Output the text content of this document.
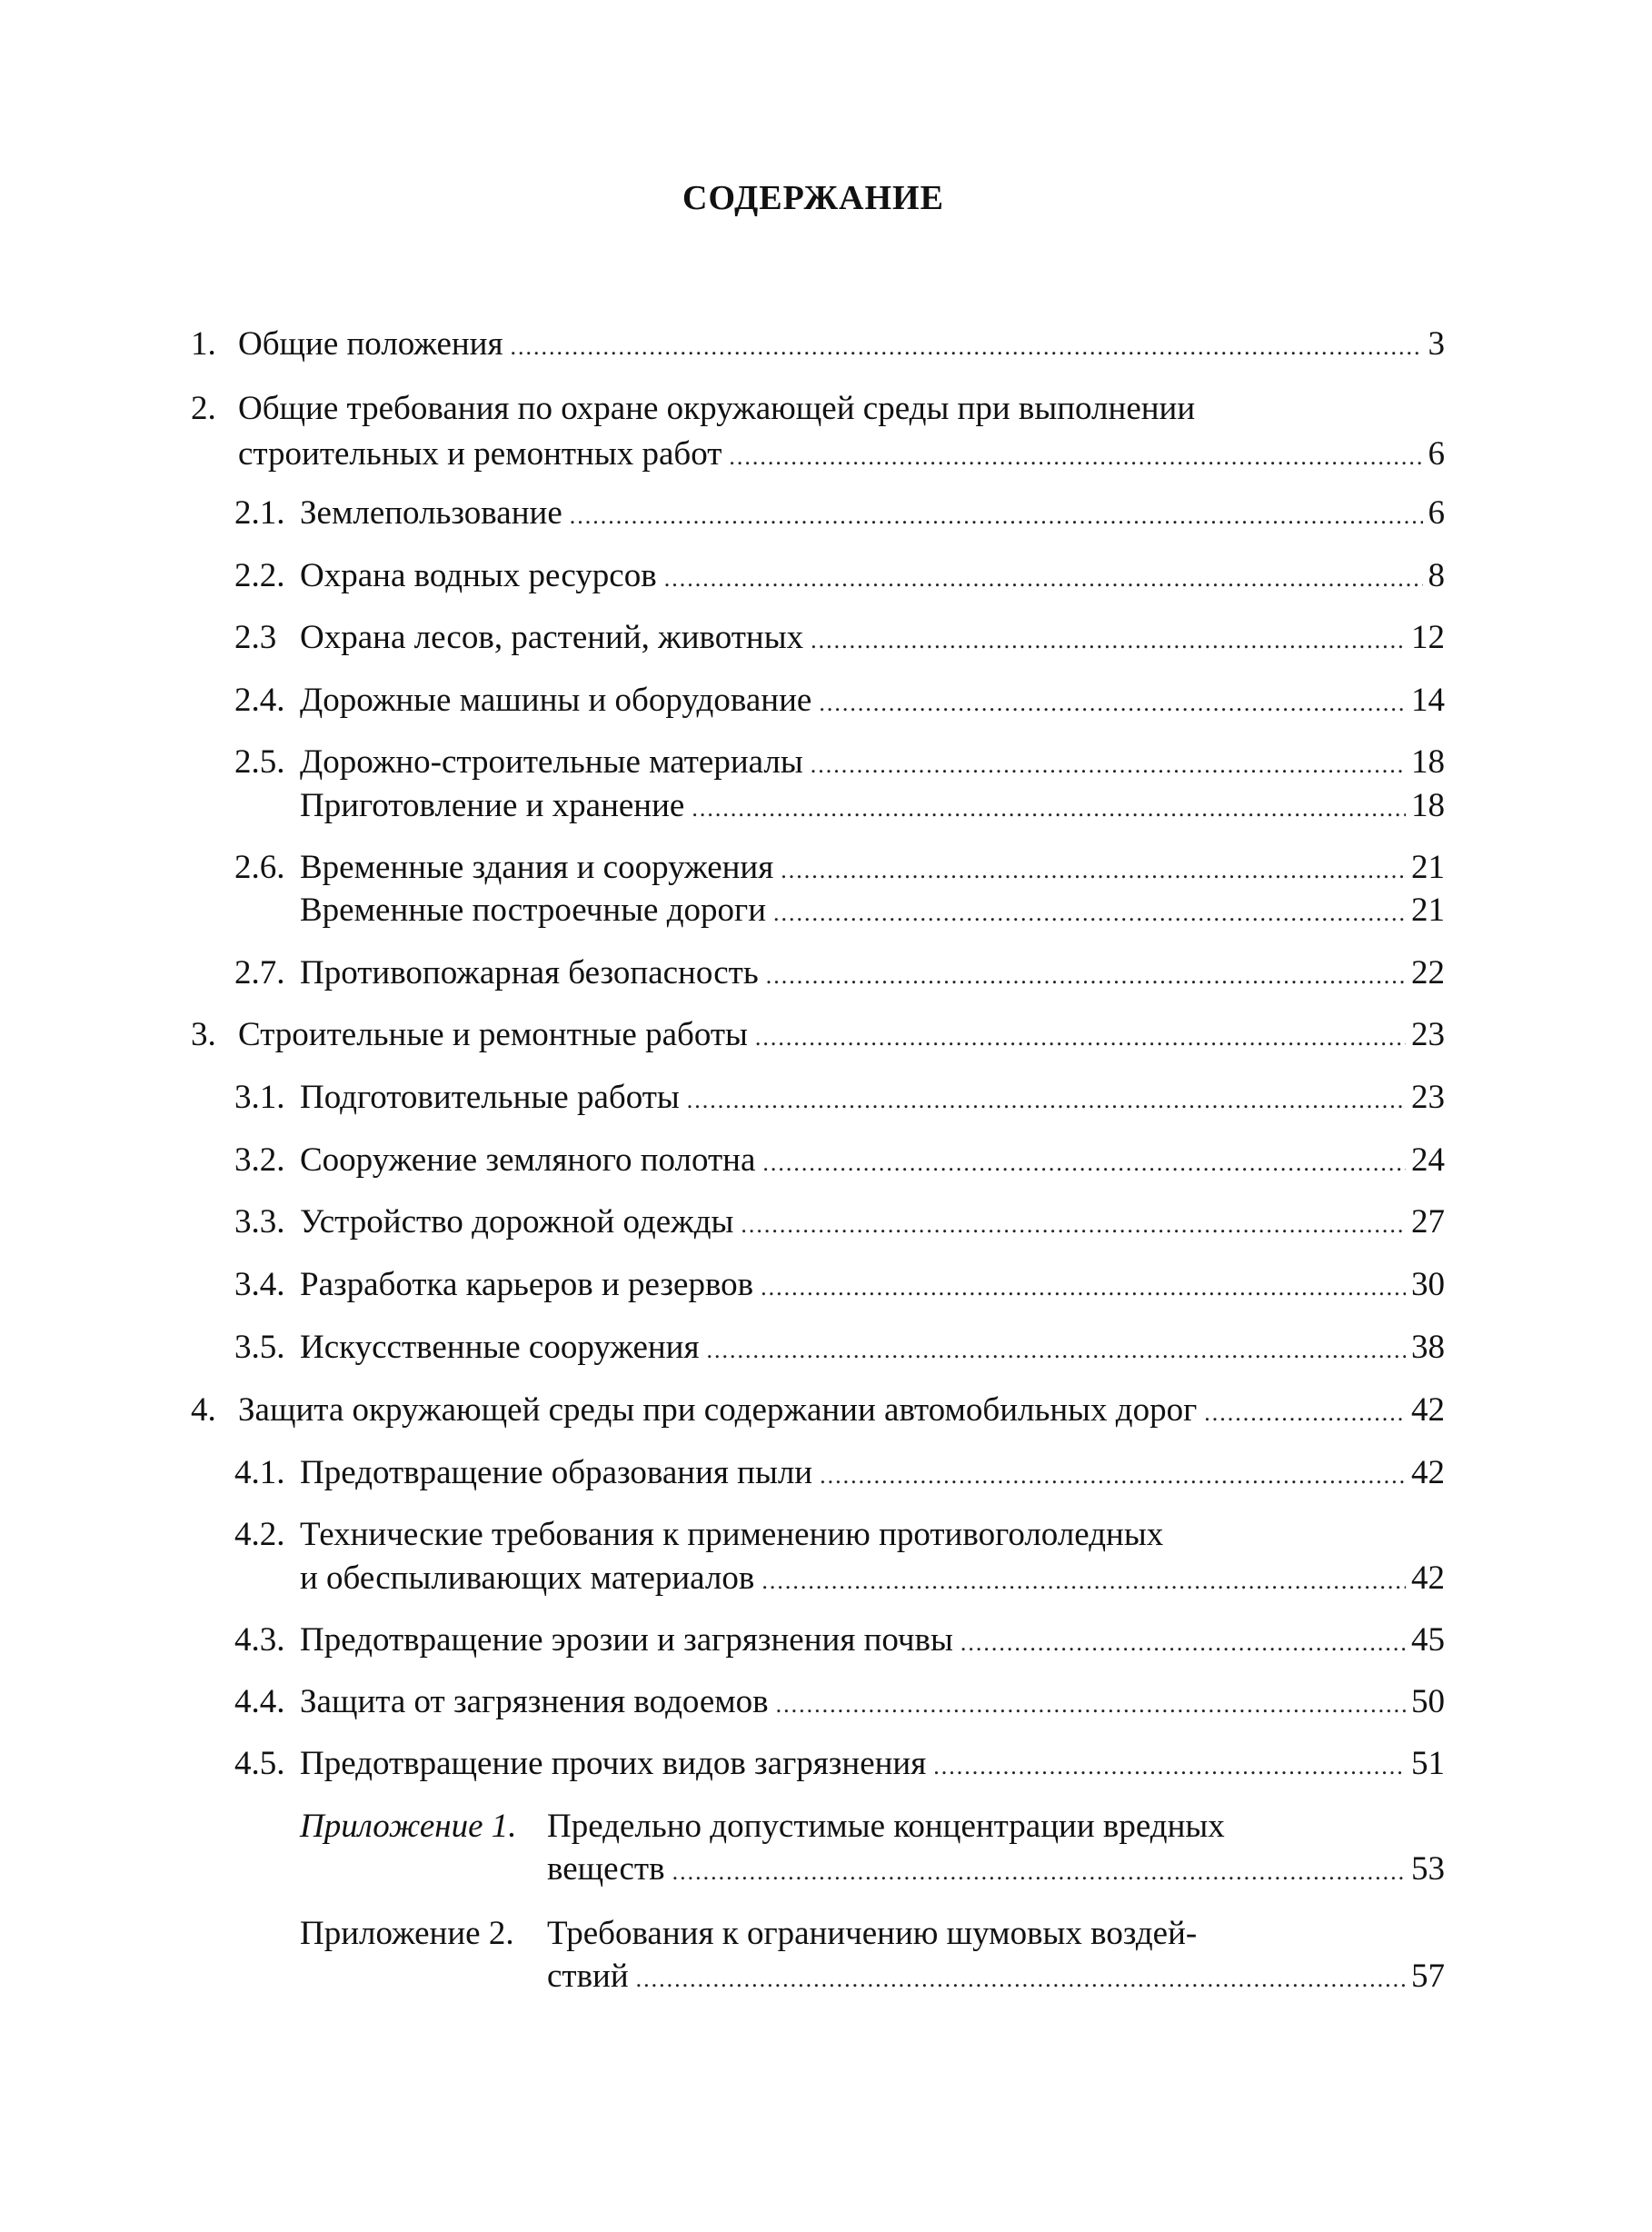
СОДЕРЖАНИЕ
1. Общие положения .....	3
2. Общие требования по охране окружающей среды при выполнении
строительных и ремонтных работ .....	6
2.1. Землепользование .....	6
2.2. Охрана водных ресурсов .....	8
2.3 Охрана лесов, растений, животных .....	12
2.4. Дорожные машины и оборудование .....	14
2.5. Дорожно-строительные материалы .....	18
Приготовление и хранение .....	18
2.6. Временные здания и сооружения .....	21
Временные построечные дороги .....	21
2.7. Противопожарная безопасность .....	22
3. Строительные и ремонтные работы .....	23
3.1. Подготовительные работы .....	23
3.2. Сооружение земляного полотна .....	24
3.3. Устройство дорожной одежды .....	27
3.4. Разработка карьеров и резервов .....	30
3.5. Искусственные сооружения .....	38
4. Защита окружающей среды при содержании автомобильных дорог .....	42
4.1. Предотвращение образования пыли .....	42
4.2. Технические требования к применению противогололедных
и обеспыливающих материалов .....	42
4.3. Предотвращение эрозии и загрязнения почвы .....	45
4.4. Защита от загрязнения водоемов .....	50
4.5. Предотвращение прочих видов загрязнения .....	51
Приложение 1. Предельно допустимые концентрации вредных
веществ .....	53
Приложение 2. Требования к ограничению шумовых воздей-
ствий .....	57
